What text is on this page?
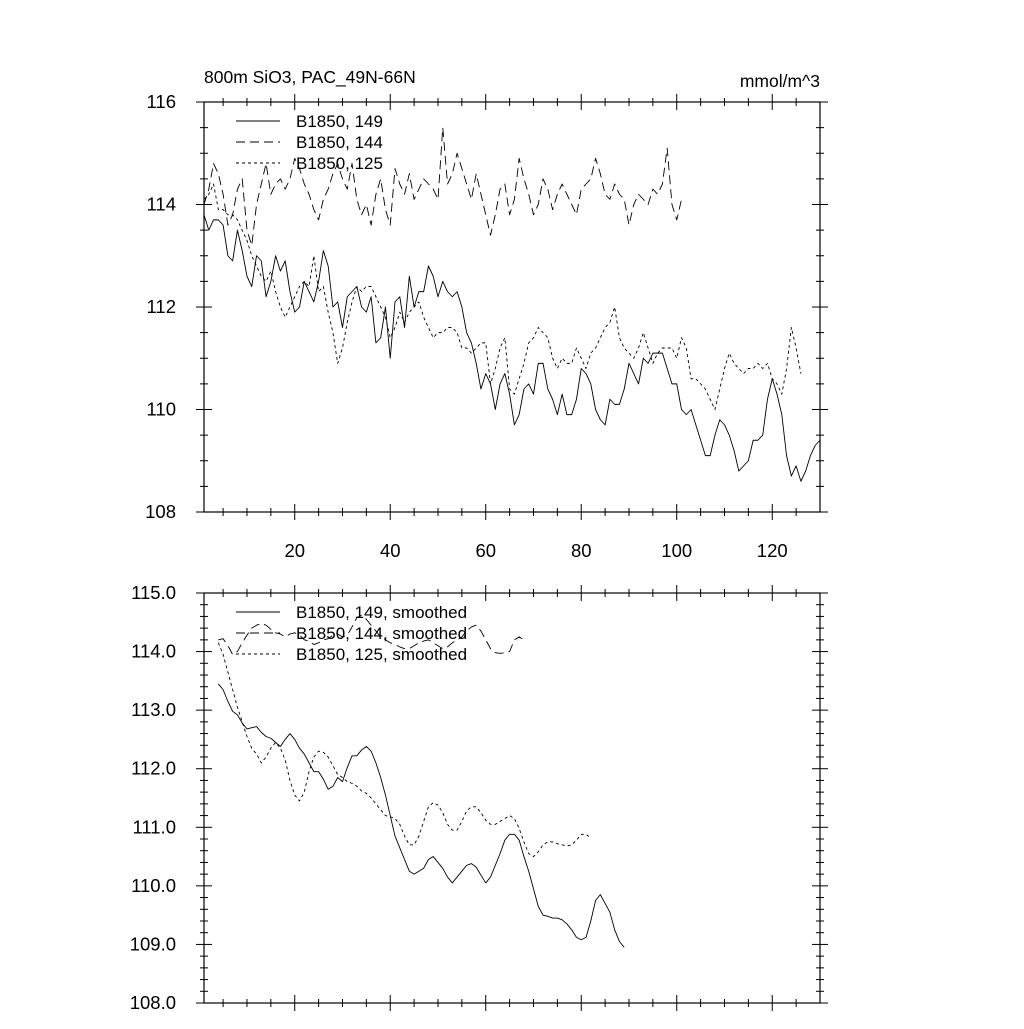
800m SiO3, PAC_49N-66N	mmol/m^3
108
110
112
114
116
20	40	60	80	100	120
B1850, 149
B1850, 144
B1850, 125
108.0
109.0
110.0
111.0
112.0
113.0
114.0
115.0
B1850, 149, smoothed
B1850, 144, smoothed
B1850, 125, smoothed
